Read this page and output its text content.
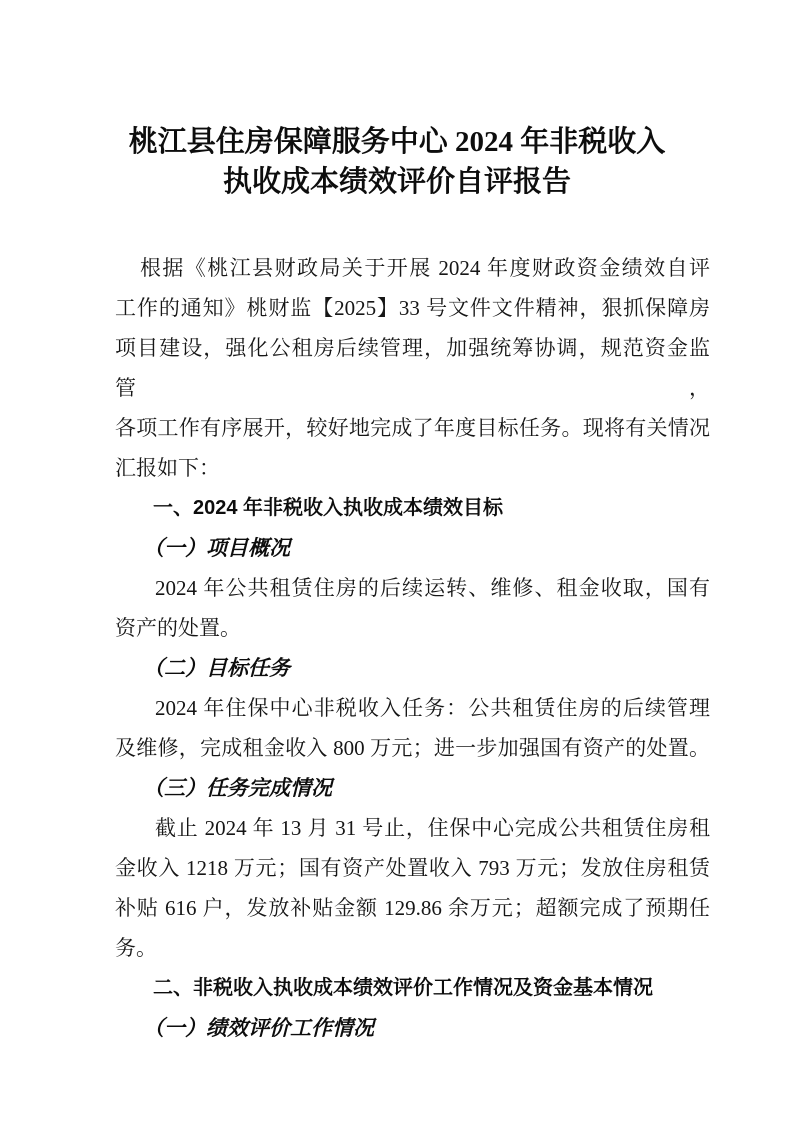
桃江县住房保障服务中心 2024 年非税收入
执收成本绩效评价自评报告
根据《桃江县财政局关于开展 2024 年度财政资金绩效自评
工作的通知》桃财监【2025】33 号文件文件精神，狠抓保障房
项目建设，强化公租房后续管理，加强统筹协调，规范资金监管，
各项工作有序展开，较好地完成了年度目标任务。现将有关情况
汇报如下：
一、2024 年非税收入执收成本绩效目标
（一）项目概况
2024 年公共租赁住房的后续运转、维修、租金收取，国有
资产的处置。
（二）目标任务
2024 年住保中心非税收入任务：公共租赁住房的后续管理
及维修，完成租金收入 800 万元；进一步加强国有资产的处置。
（三）任务完成情况
截止 2024 年 13 月 31 号止，住保中心完成公共租赁住房租
金收入 1218 万元；国有资产处置收入 793 万元；发放住房租赁
补贴 616 户，发放补贴金额 129.86 余万元；超额完成了预期任
务。
二、非税收入执收成本绩效评价工作情况及资金基本情况
（一）绩效评价工作情况
